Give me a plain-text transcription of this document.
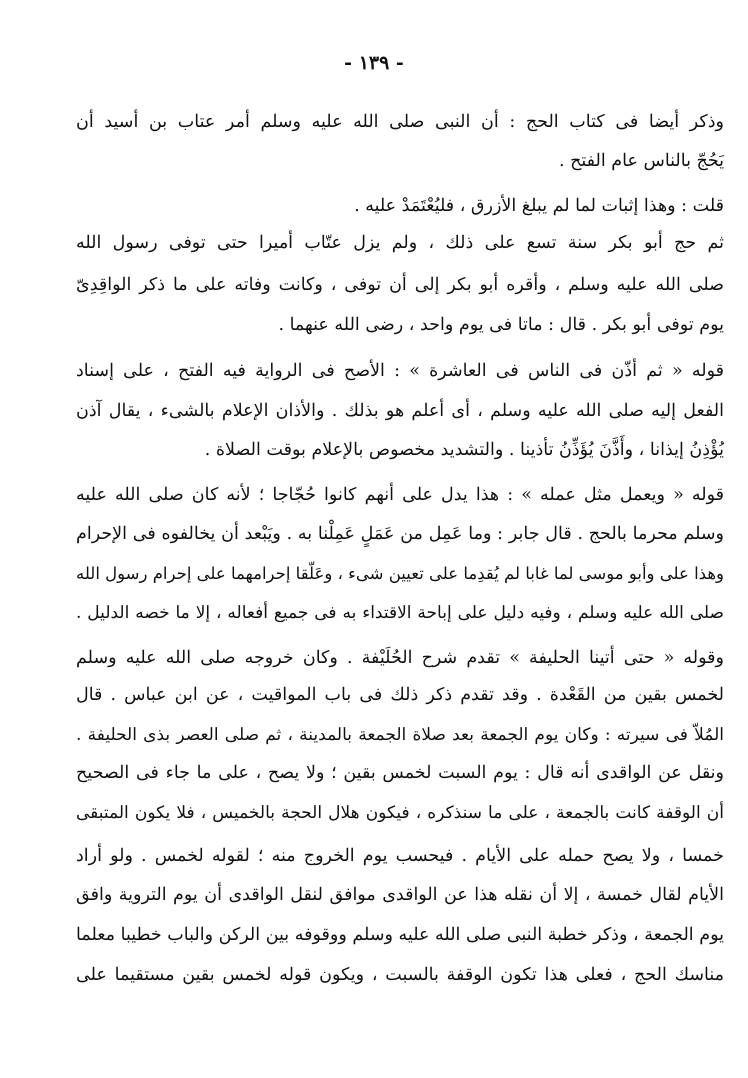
- ١٣٩ -
وذكر أيضا فى كتاب الحج : أن النبى صلى الله عليه وسلم أمر عتاب بن أسيد أن
يَحُجّ بالناس عام الفتح .
قلت : وهذا إثبات لما لم يبلغ الأزرق ، فليُعْتَمَدْ عليه .
ثم حج أبو بكر سنة تسع على ذلك ، ولم يزل عتّاب أميرا حتى توفى رسول الله
صلى الله عليه وسلم ، وأقره أبو بكر إلى أن توفى ، وكانت وفاته على ما ذكر الواقِدِىّ
يوم توفى أبو بكر . قال : ماتا فى يوم واحد ، رضى الله عنهما .
قوله « ثم أذّن فى الناس فى العاشرة » : الأصح فى الرواية فيه الفتح ، على إسناد
الفعل إليه صلى الله عليه وسلم ، أى أعلم هو بذلك . والأذان الإعلام بالشىء ، يقال آذن
يُؤْذِنُ إيذانا ، وأَذَّنَ يُؤَذِّنُ تأذينا . والتشديد مخصوص بالإعلام بوقت الصلاة .
قوله « ويعمل مثل عمله » : هذا يدل على أنهم كانوا حُجّاجا ؛ لأنه كان صلى الله عليه
وسلم محرما بالحج . قال جابر : وما عَمِل من عَمَلٍ عَمِلْنا به . ويَبْعد أن يخالفوه فى الإحرام
وهذا على وأبو موسى لما غابا لم يُقدِما على تعيين شىء ، وعَلّقا إحرامهما على إحرام رسول الله
صلى الله عليه وسلم ، وفيه دليل على إباحة الاقتداء به فى جميع أفعاله ، إلا ما خصه الدليل .
وقوله « حتى أتينا الحليفة » تقدم شرح الحُلَيْفة . وكان خروجه صلى الله عليه وسلم
لخمس بقين من القَعْدة . وقد تقدم ذكر ذلك فى باب المواقيت ، عن ابن عباس . قال
المُلاّ فى سيرته : وكان يوم الجمعة بعد صلاة الجمعة بالمدينة ، ثم صلى العصر بذى الحليفة .
ونقل عن الواقدى أنه قال : يوم السبت لخمس بقين ؛ ولا يصح ، على ما جاء فى الصحيح
أن الوقفة كانت بالجمعة ، على ما سنذكره ، فيكون هلال الحجة بالخميس ، فلا يكون المتبقى
خمسا ، ولا يصح حمله على الأيام . فيحسب يوم الخروج منه ؛ لقوله لخمس . ولو أراد
الأيام لقال خمسة ، إلا أن نقله هذا عن الواقدى موافق لنقل الواقدى أن يوم التروية وافق
يوم الجمعة ، وذكر خطبة النبى صلى الله عليه وسلم ووقوفه بين الركن والباب خطيبا معلما
مناسك الحج ، فعلى هذا تكون الوقفة بالسبت ، ويكون قوله لخمس بقين مستقيما على
